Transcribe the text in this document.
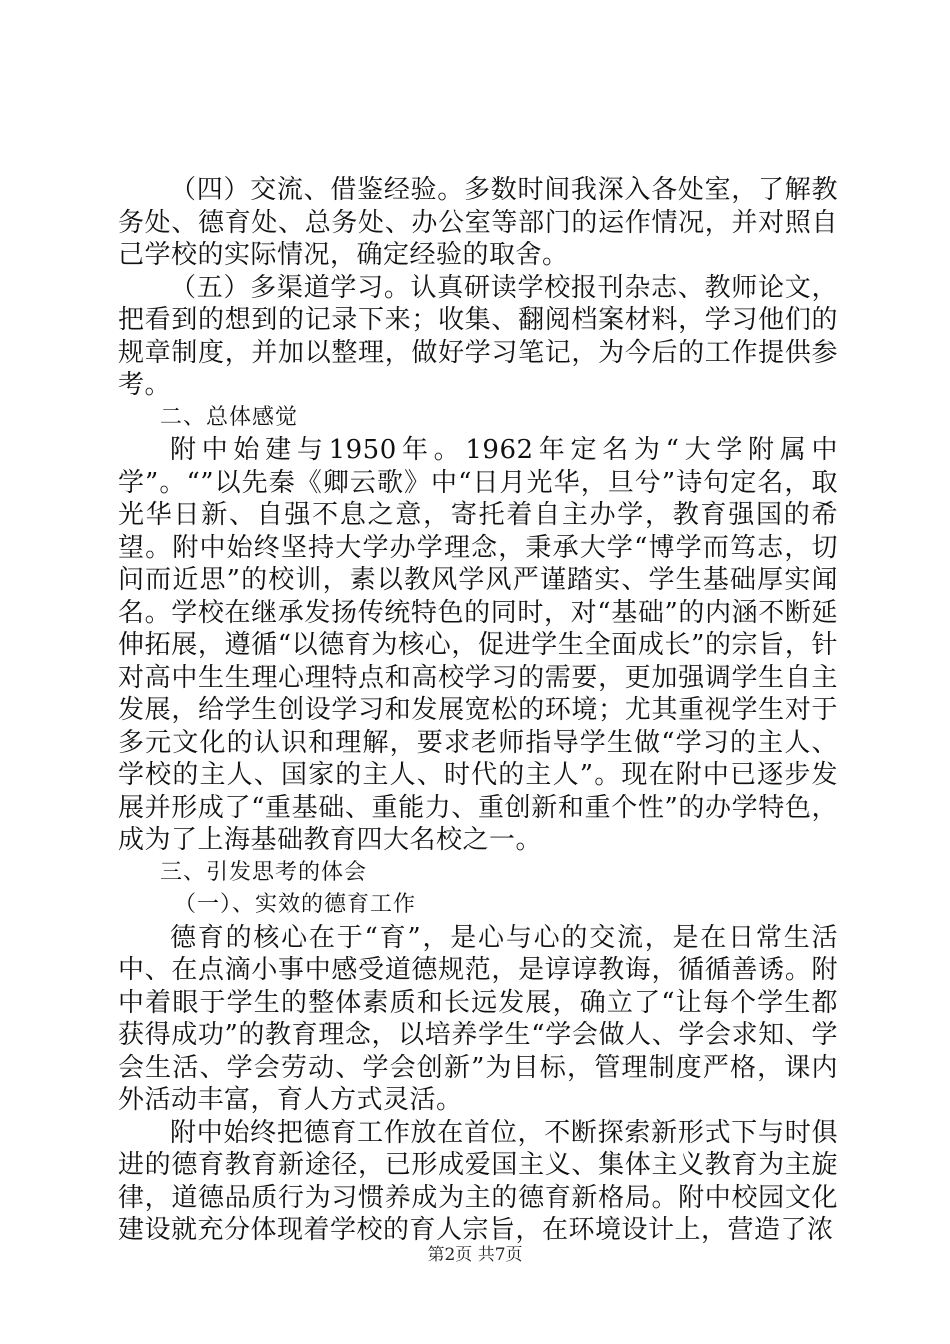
（四）交流、借鉴经验。多数时间我深入各处室，了解教务处、德育处、总务处、办公室等部门的运作情况，并对照自己学校的实际情况，确定经验的取舍。

（五）多渠道学习。认真研读学校报刊杂志、教师论文，把看到的想到的记录下来；收集、翻阅档案材料，学习他们的规章制度，并加以整理，做好学习笔记，为今后的工作提供参考。

二、总体感觉

附中始建与1950年。1962年定名为“大学附属中学”。“”以先秦《卿云歌》中“日月光华，旦兮”诗句定名，取光华日新、自强不息之意，寄托着自主办学，教育强国的希望。附中始终坚持大学办学理念，秉承大学“博学而笃志，切问而近思”的校训，素以教风学风严谨踏实、学生基础厚实闻名。学校在继承发扬传统特色的同时，对“基础”的内涵不断延伸拓展，遵循“以德育为核心，促进学生全面成长”的宗旨，针对高中生生理心理特点和高校学习的需要，更加强调学生自主发展，给学生创设学习和发展宽松的环境；尤其重视学生对于多元文化的认识和理解，要求老师指导学生做“学习的主人、学校的主人、国家的主人、时代的主人”。现在附中已逐步发展并形成了“重基础、重能力、重创新和重个性”的办学特色，成为了上海基础教育四大名校之一。

三、引发思考的体会

（一）、实效的德育工作

德育的核心在于“育”，是心与心的交流，是在日常生活中、在点滴小事中感受道德规范，是谆谆教诲，循循善诱。附中着眼于学生的整体素质和长远发展，确立了“让每个学生都获得成功”的教育理念，以培养学生“学会做人、学会求知、学会生活、学会劳动、学会创新”为目标，管理制度严格，课内外活动丰富，育人方式灵活。

附中始终把德育工作放在首位，不断探索新形式下与时俱进的德育教育新途径，已形成爱国主义、集体主义教育为主旋律，道德品质行为习惯养成为主的德育新格局。附中校园文化建设就充分体现着学校的育人宗旨，在环境设计上，营造了浓

第2页 共7页
